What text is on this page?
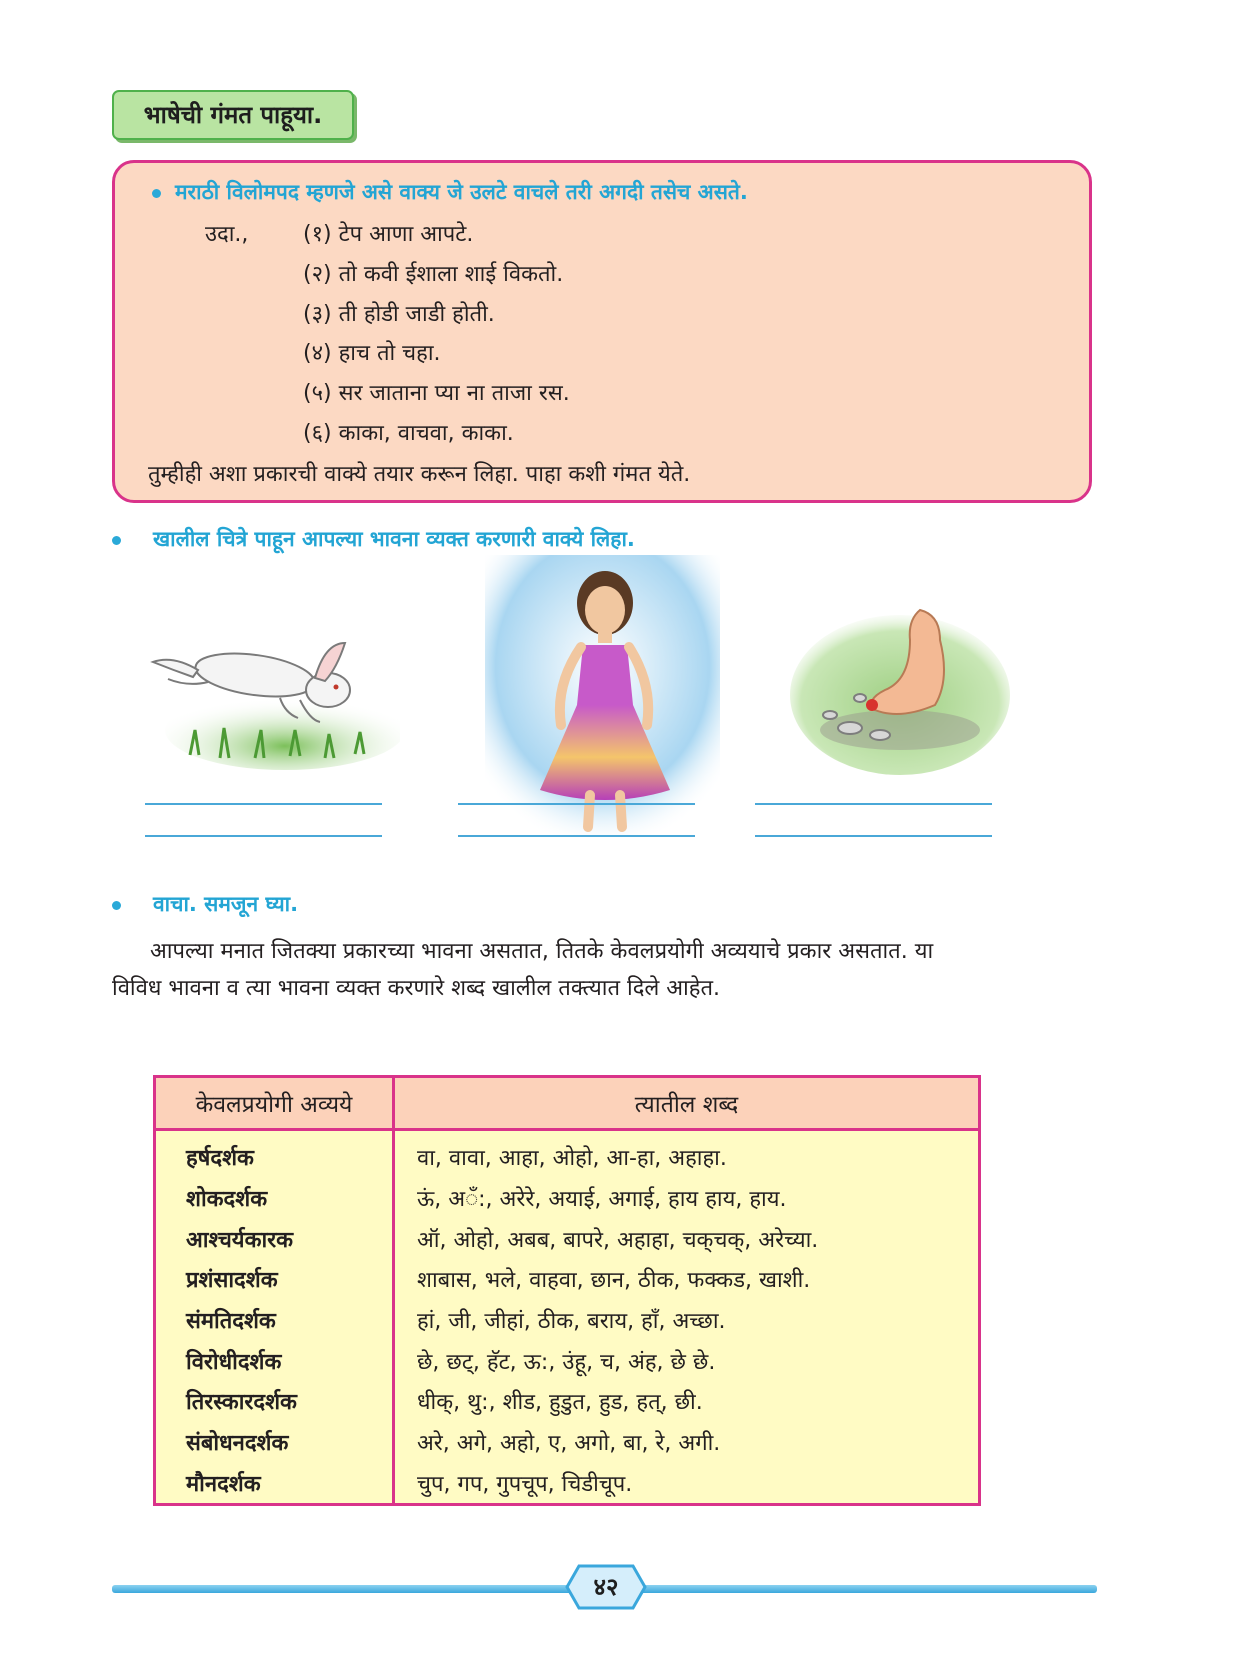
भाषेची गंमत पाहूया.
मराठी विलोमपद म्हणजे असे वाक्य जे उलटे वाचले तरी अगदी तसेच असते.
उदा., (१) टेप आणा आपटे.
(२) तो कवी ईशाला शाई विकतो.
(३) ती होडी जाडी होती.
(४) हाच तो चहा.
(५) सर जाताना प्या ना ताजा रस.
(६) काका, वाचवा, काका.
तुम्हीही अशा प्रकारची वाक्ये तयार करून लिहा. पाहा कशी गंमत येते.
खालील चित्रे पाहून आपल्या भावना व्यक्त करणारी वाक्ये लिहा.
वाचा. समजून घ्या.
आपल्या मनात जितक्या प्रकारच्या भावना असतात, तितके केवलप्रयोगी अव्ययाचे प्रकार असतात. या
विविध भावना व त्या भावना व्यक्त करणारे शब्द खालील तक्त्यात दिले आहेत.
केवलप्रयोगी अव्यये	त्यातील शब्द
हर्षदर्शक	वा, वावा, आहा, ओहो, आ-हा, अहाहा.
शोकदर्शक	ऊं, अॅं:, अरेरे, अयाई, अगाई, हाय हाय, हाय.
आश्चर्यकारक	ऑ, ओहो, अबब, बापरे, अहाहा, चक्‌चक्‌, अरेच्या.
प्रशंसादर्शक	शाबास, भले, वाहवा, छान, ठीक, फक्कड, खाशी.
संमतिदर्शक	हां, जी, जीहां, ठीक, बराय, हाँ, अच्छा.
विरोधीदर्शक	छे, छट्, हॅट, ऊ:, उंहू, च, अंह, छे छे.
तिरस्कारदर्शक	धीक्, थु:, शीड, हुडुत, हुड, हत्, छी.
संबोधनदर्शक	अरे, अगे, अहो, ए, अगो, बा, रे, अगी.
मौनदर्शक	चुप, गप, गुपचूप, चिडीचूप.
४२
